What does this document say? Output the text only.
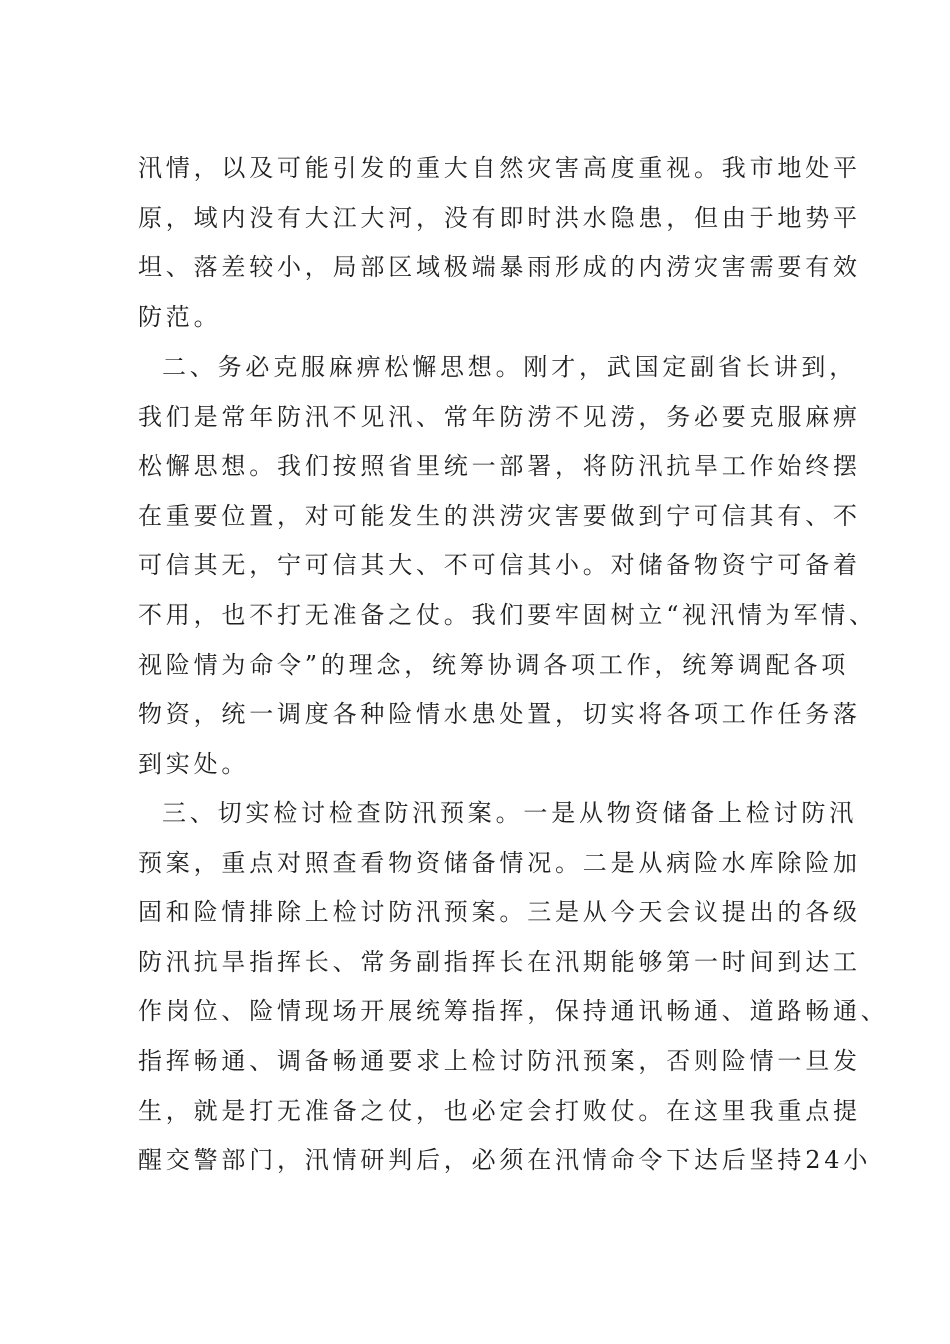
汛情，以及可能引发的重大自然灾害高度重视。我市地处平
原，域内没有大江大河，没有即时洪水隐患，但由于地势平
坦、落差较小，局部区域极端暴雨形成的内涝灾害需要有效
防范。
二、务必克服麻痹松懈思想。刚才，武国定副省长讲到，
我们是常年防汛不见汛、常年防涝不见涝，务必要克服麻痹
松懈思想。我们按照省里统一部署，将防汛抗旱工作始终摆
在重要位置，对可能发生的洪涝灾害要做到宁可信其有、不
可信其无，宁可信其大、不可信其小。对储备物资宁可备着
不用，也不打无准备之仗。我们要牢固树立“视汛情为军情、
视险情为命令”的理念，统筹协调各项工作，统筹调配各项
物资，统一调度各种险情水患处置，切实将各项工作任务落
到实处。
三、切实检讨检查防汛预案。一是从物资储备上检讨防汛
预案，重点对照查看物资储备情况。二是从病险水库除险加
固和险情排除上检讨防汛预案。三是从今天会议提出的各级
防汛抗旱指挥长、常务副指挥长在汛期能够第一时间到达工
作岗位、险情现场开展统筹指挥，保持通讯畅通、道路畅通、
指挥畅通、调备畅通要求上检讨防汛预案，否则险情一旦发
生，就是打无准备之仗，也必定会打败仗。在这里我重点提
醒交警部门，汛情研判后，必须在汛情命令下达后坚持24小
